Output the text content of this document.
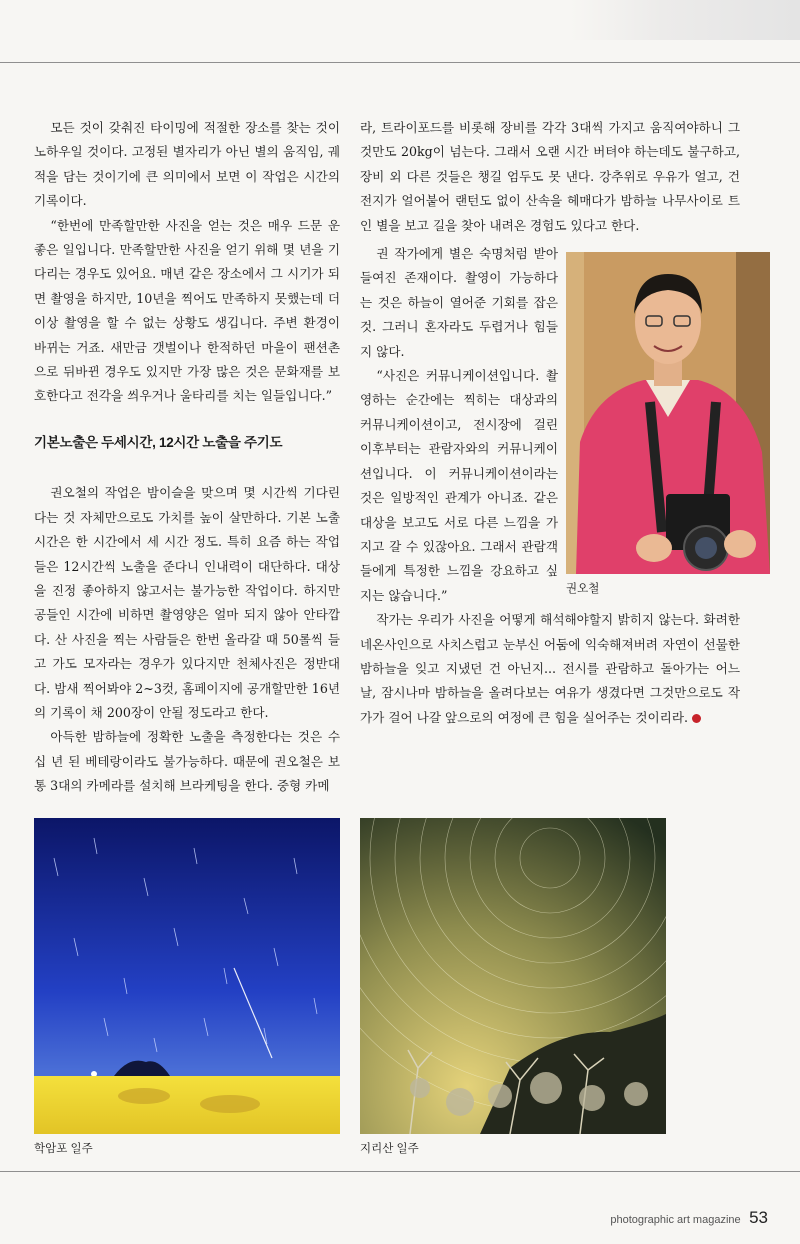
모든 것이 갖춰진 타이밍에 적절한 장소를 찾는 것이 노하우일 것이다. 고정된 별자리가 아닌 별의 움직임, 궤적을 담는 것이기에 큰 의미에서 보면 이 작업은 시간의 기록이다.

“한번에 만족할만한 사진을 얻는 것은 매우 드문 운 좋은 일입니다. 만족할만한 사진을 얻기 위해 몇 년을 기다리는 경우도 있어요. 매년 같은 장소에서 그 시기가 되면 촬영을 하지만, 10년을 찍어도 만족하지 못했는데 더 이상 촬영을 할 수 없는 상황도 생깁니다. 주변 환경이 바뀌는 거죠. 새만금 갯벌이나 한적하던 마을이 팬션촌으로 뒤바뀐 경우도 있지만 가장 많은 것은 문화재를 보호한다고 전각을 씌우거나 울타리를 치는 일들입니다.”

기본노출은 두세시간, 12시간 노출을 주기도

권오철의 작업은 밤이슬을 맞으며 몇 시간씩 기다린다는 것 자체만으로도 가치를 높이 살만하다. 기본 노출시간은 한 시간에서 세 시간 정도. 특히 요즘 하는 작업들은 12시간씩 노출을 준다니 인내력이 대단하다. 대상을 진정 좋아하지 않고서는 불가능한 작업이다. 하지만 공들인 시간에 비하면 촬영양은 얼마 되지 않아 안타깝다. 산 사진을 찍는 사람들은 한번 올라갈 때 50롤씩 들고 가도 모자라는 경우가 있다지만 천체사진은 정반대다. 밤새 찍어봐야 2~3컷, 홈페이지에 공개할만한 16년의 기록이 채 200장이 안될 정도라고 한다.

아득한 밤하늘에 정확한 노출을 측정한다는 것은 수십 년 된 베테랑이라도 불가능하다. 때문에 권오철은 보통 3대의 카메라를 설치해 브라케팅을 한다. 중형 카메

라, 트라이포드를 비롯해 장비를 각각 3대씩 가지고 움직여야하니 그것만도 20kg이 넘는다. 그래서 오랜 시간 버텨야 하는데도 불구하고, 장비 외 다른 것들은 챙길 엄두도 못 낸다. 강추위로 우유가 얼고, 건전지가 얼어붙어 랜턴도 없이 산속을 헤매다가 밤하늘 나무사이로 트인 별을 보고 길을 찾아 내려온 경험도 있다고 한다.

권 작가에게 별은 숙명처럼 받아들여진 존재이다. 촬영이 가능하다는 것은 하늘이 열어준 기회를 잡은 것. 그러니 혼자라도 두렵거나 힘들지 않다.

“사진은 커뮤니케이션입니다. 촬영하는 순간에는 찍히는 대상과의 커뮤니케이션이고, 전시장에 걸린 이후부터는 관람자와의 커뮤니케이션입니다. 이 커뮤니케이션이라는 것은 일방적인 관계가 아니죠. 같은 대상을 보고도 서로 다른 느낌을 가지고 갈 수 있잖아요. 그래서 관람객들에게 특정한 느낌을 강요하고 싶지는 않습니다.”

작가는 우리가 사진을 어떻게 해석해야할지 밝히지 않는다. 화려한 네온사인으로 사치스럽고 눈부신 어둠에 익숙해져버려 자연이 선물한 밤하늘을 잊고 지냈던 건 아닌지... 전시를 관람하고 돌아가는 어느 날, 잠시나마 밤하늘을 올려다보는 여유가 생겼다면 그것만으로도 작가가 걸어 나갈 앞으로의 여정에 큰 힘을 실어주는 것이리라.

권오철
학암포 일주	지리산 일주
photographic art magazine 53
